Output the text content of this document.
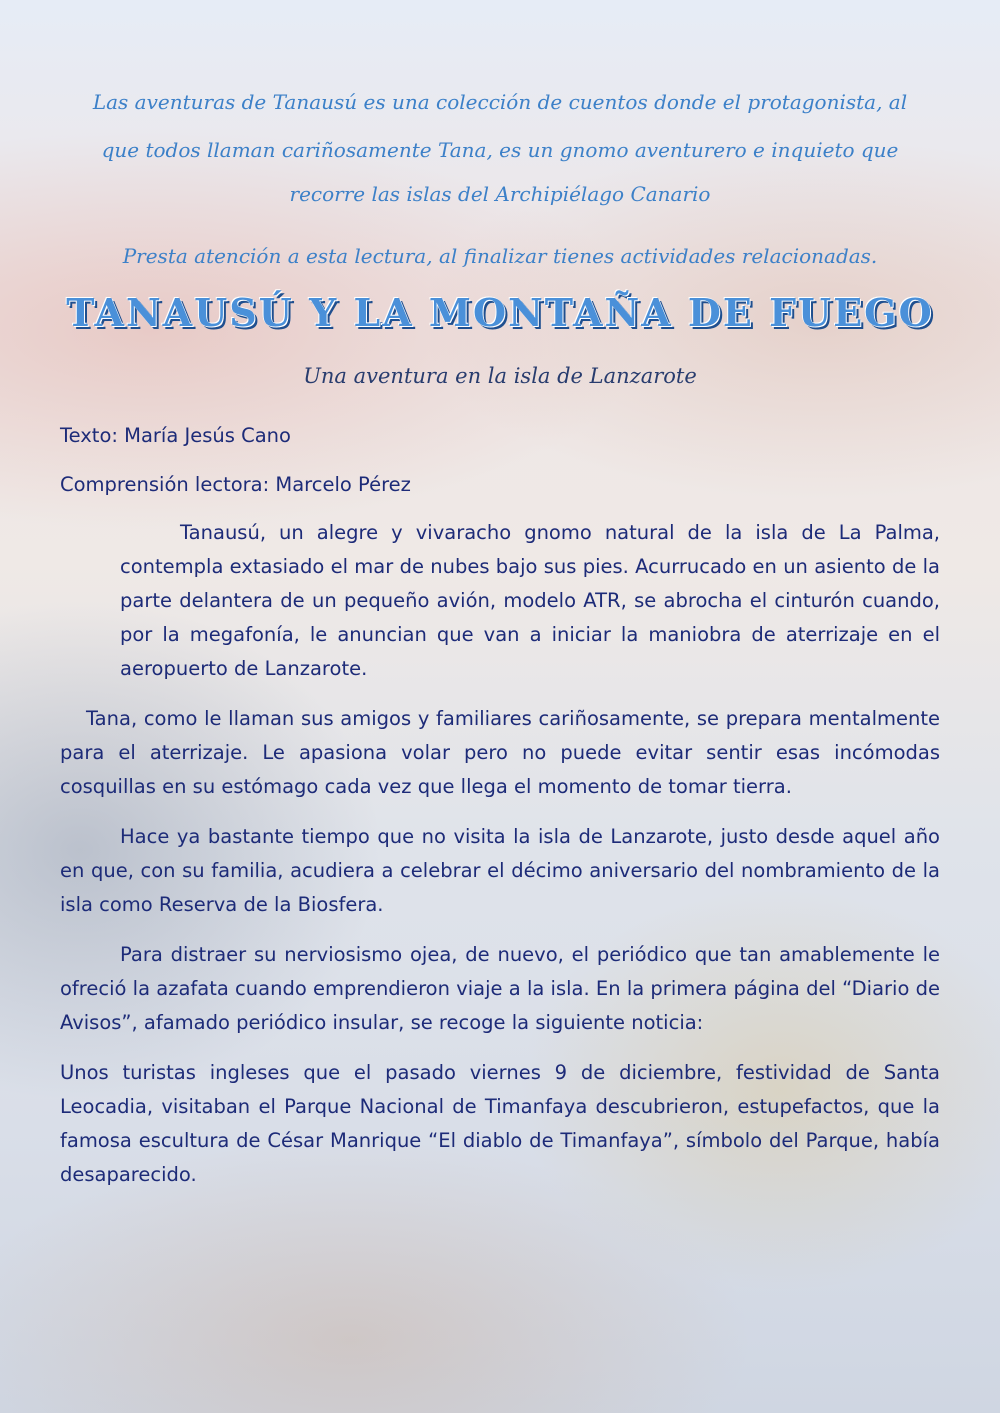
Las aventuras de Tanausú es una colección de cuentos donde el protagonista, al
que todos llaman cariñosamente Tana, es un gnomo aventurero e inquieto que
recorre las islas del Archipiélago Canario
Presta atención a esta lectura, al finalizar tienes actividades relacionadas.
TANAUSÚ Y LA MONTAÑA DE FUEGO
Una aventura en la isla de Lanzarote
Texto: María Jesús Cano
Comprensión lectora: Marcelo Pérez

Tanausú, un alegre y vivaracho gnomo natural de la isla de La Palma, contempla extasiado el mar de nubes bajo sus pies. Acurrucado en un asiento de la parte delantera de un pequeño avión, modelo ATR, se abrocha el cinturón cuando, por la megafonía, le anuncian que van a iniciar la maniobra de aterrizaje en el aeropuerto de Lanzarote.

Tana, como le llaman sus amigos y familiares cariñosamente, se prepara mentalmente para el aterrizaje. Le apasiona volar pero no puede evitar sentir esas incómodas cosquillas en su estómago cada vez que llega el momento de tomar tierra.

Hace ya bastante tiempo que no visita la isla de Lanzarote, justo desde aquel año en que, con su familia, acudiera a celebrar el décimo aniversario del nombramiento de la isla como Reserva de la Biosfera.

Para distraer su nerviosismo ojea, de nuevo, el periódico que tan amablemente le ofreció la azafata cuando emprendieron viaje a la isla. En la primera página del “Diario de Avisos”, afamado periódico insular, se recoge la siguiente noticia:

Unos turistas ingleses que el pasado viernes 9 de diciembre, festividad de Santa Leocadia, visitaban el Parque Nacional de Timanfaya descubrieron, estupefactos, que la famosa escultura de César Manrique “El diablo de Timanfaya”, símbolo del Parque, había desaparecido.
